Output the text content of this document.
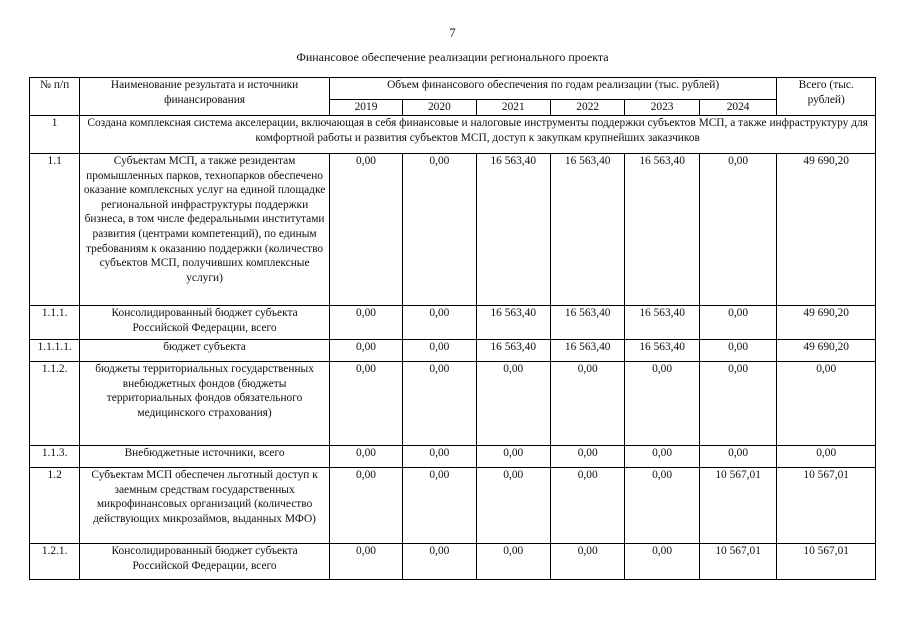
7
Финансовое обеспечение реализации регионального проекта
№ п/п	Наименование результата и источники финансирования	Объем финансового обеспечения по годам реализации (тыс. рублей)						Всего (тыс. рублей)
		2019	2020	2021	2022	2023	2024	
1	Создана комплексная система акселерации, включающая в себя финансовые и налоговые инструменты поддержки субъектов МСП, а также инфраструктуру для комфортной работы и развития субъектов МСП, доступ к закупкам крупнейших заказчиков							
1.1	Субъектам МСП, а также резидентам промышленных парков, технопарков обеспечено оказание комплексных услуг на единой площадке региональной инфраструктуры поддержки бизнеса, в том числе федеральными институтами развития (центрами компетенций), по единым требованиям к оказанию поддержки (количество субъектов МСП, получивших комплексные услуги)	0,00	0,00	16 563,40	16 563,40	16 563,40	0,00	49 690,20
1.1.1.	Консолидированный бюджет субъекта Российской Федерации, всего	0,00	0,00	16 563,40	16 563,40	16 563,40	0,00	49 690,20
1.1.1.1.	бюджет субъекта	0,00	0,00	16 563,40	16 563,40	16 563,40	0,00	49 690,20
1.1.2.	бюджеты территориальных государственных внебюджетных фондов (бюджеты территориальных фондов обязательного медицинского страхования)	0,00	0,00	0,00	0,00	0,00	0,00	0,00
1.1.3.	Внебюджетные источники, всего	0,00	0,00	0,00	0,00	0,00	0,00	0,00
1.2	Субъектам МСП обеспечен льготный доступ к заемным средствам государственных микрофинансовых организаций (количество действующих микрозаймов, выданных МФО)	0,00	0,00	0,00	0,00	0,00	10 567,01	10 567,01
1.2.1.	Консолидированный бюджет субъекта Российской Федерации, всего	0,00	0,00	0,00	0,00	0,00	10 567,01	10 567,01
